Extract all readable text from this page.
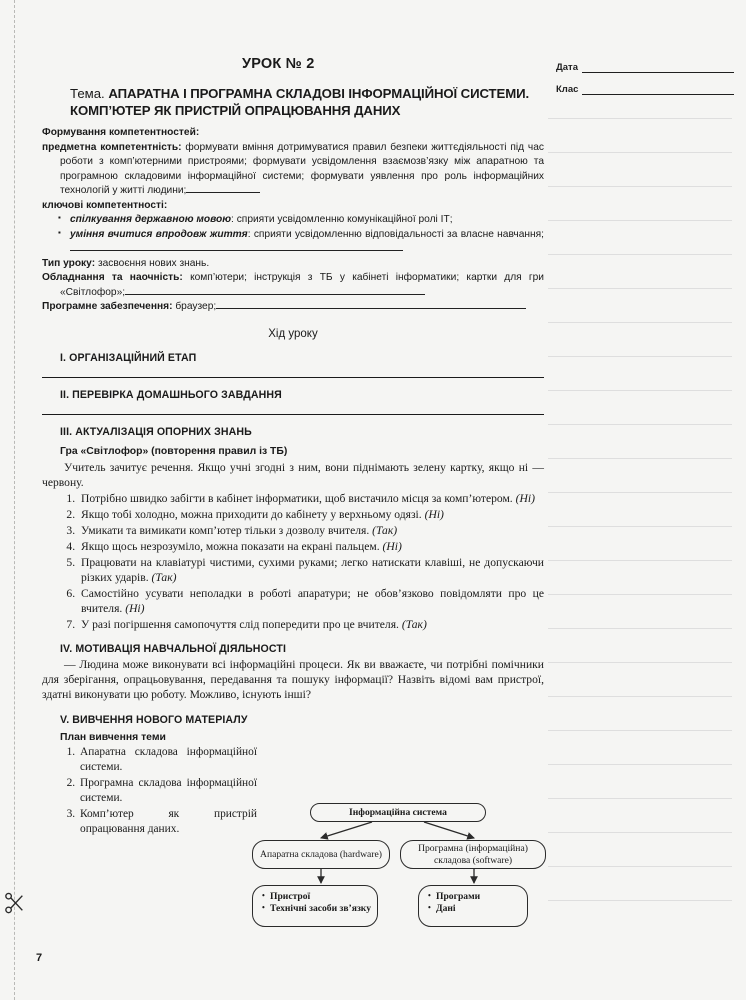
Дата
Клас
УРОК № 2
Тема. АПАРАТНА І ПРОГРАМНА СКЛАДОВІ ІНФОРМАЦІЙНОЇ СИСТЕМИ. КОМП’ЮТЕР ЯК ПРИСТРІЙ ОПРАЦЮВАННЯ ДАНИХ

Формування компетентностей:

предметна компетентність: формувати вміння дотримуватися правил безпеки життєдіяльності під час роботи з комп’ютерними пристроями; формувати усвідомлення взаємозв’язку між апаратною та програмною складовими інформаційної системи; формувати уявлення про роль інформаційних технологій у житті людини;

ключові компетентності:

▪ спілкування державною мовою: сприяти усвідомленню комунікаційної ролі ІТ;
▪ уміння вчитися впродовж життя: сприяти усвідомленню відповідальності за власне навчання;

Тип уроку: засвоєння нових знань.

Обладнання та наочність: комп’ютери; інструкція з ТБ у кабінеті інформатики; картки для гри «Світлофор»;

Програмне забезпечення: браузер;

Хід уроку
I. ОРГАНІЗАЦІЙНИЙ ЕТАП
II. ПЕРЕВІРКА ДОМАШНЬОГО ЗАВДАННЯ
III. АКТУАЛІЗАЦІЯ ОПОРНИХ ЗНАНЬ
Гра «Світлофор» (повторення правил із ТБ)

Учитель зачитує речення. Якщо учні згодні з ним, вони піднімають зелену картку, якщо ні — червону.

1. Потрібно швидко забігти в кабінет інформатики, щоб вистачило місця за комп’ютером. (Ні)
2. Якщо тобі холодно, можна приходити до кабінету у верхньому одязі. (Ні)
3. Умикати та вимикати комп’ютер тільки з дозволу вчителя. (Так)
4. Якщо щось незрозуміло, можна показати на екрані пальцем. (Ні)
5. Працювати на клавіатурі чистими, сухими руками; легко натискати клавіші, не допускаючи різких ударів. (Так)
6. Самостійно усувати неполадки в роботі апаратури; не обов’язково повідомляти про це вчителя. (Ні)
7. У разі погіршення самопочуття слід попередити про це вчителя. (Так)
IV. МОТИВАЦІЯ НАВЧАЛЬНОЇ ДІЯЛЬНОСТІ

— Людина може виконувати всі інформаційні процеси. Як ви вважаєте, чи потрібні помічники для зберігання, опрацьовування, передавання та пошуку інформації? Назвіть відомі вам пристрої, здатні виконувати цю роботу. Можливо, існують інші?

V. ВИВЧЕННЯ НОВОГО МАТЕРІАЛУ
План вивчення теми
1. Апаратна складова інформаційної системи.
2. Програмна складова інформаційної системи.
3. Комп’ютер як пристрій опрацювання даних.
Інформаційна система
Апаратна складова (hardware)
Програмна (інформаційна) складова (software)
• Пристрої
• Технічні засоби зв’язку
• Програми
• Дані
7
